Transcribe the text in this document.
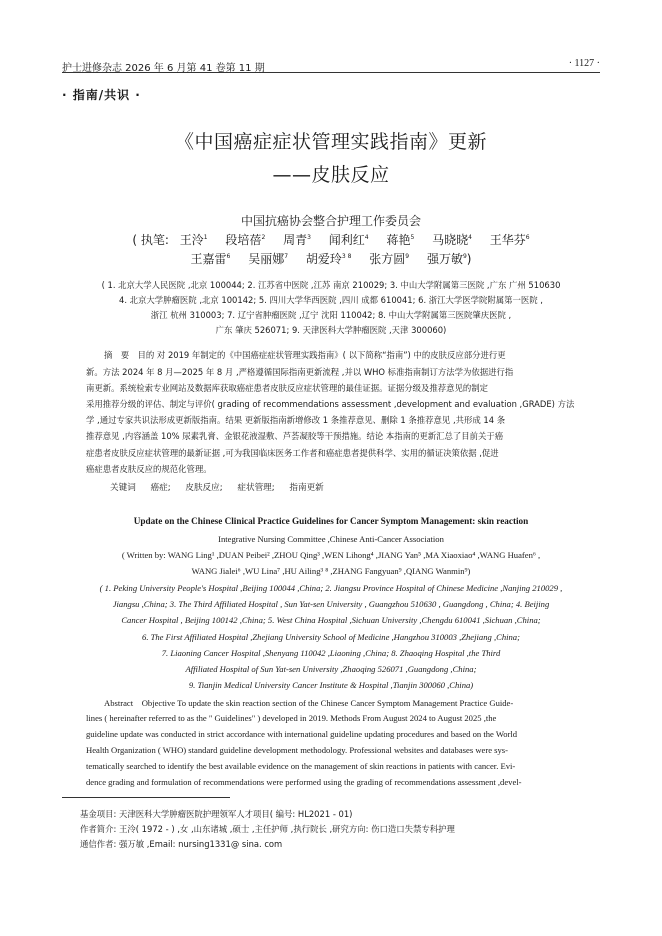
护士进修杂志 2026 年 6 月第 41 卷第 11 期	· 1127 ·
· 指南/共识 ·
《中国癌症症状管理实践指南》更新
——皮肤反应
中国抗癌协会整合护理工作委员会
( 执笔: 王泠$^1$ 段培蓓$^2$ 周青$^3$ 闻利红$^4$ 蒋艳$^5$ 马晓晓$^4$ 王华芬$^6$
王嘉雷$^6$ 吴丽娜$^7$ 胡爱玲$^{3 8}$ 张方圆$^9$ 强万敏$^9$)
( 1. 北京大学人民医院 ,北京 100044; 2. 江苏省中医院 ,江苏 南京 210029; 3. 中山大学附属第三医院 ,广东 广州 510630
4. 北京大学肿瘤医院 ,北京 100142; 5. 四川大学华西医院 ,四川 成都 610041; 6. 浙江大学医学院附属第一医院 ,
浙江 杭州 310003; 7. 辽宁省肿瘤医院 ,辽宁 沈阳 110042; 8. 中山大学附属第三医院肇庆医院 ,
广东 肇庆 526071; 9. 天津医科大学肿瘤医院 ,天津 300060)
摘　要　目的 对 2019 年制定的《中国癌症症状管理实践指南》( 以下简称“指南”) 中的皮肤反应部分进行更
新。方法 2024 年 8 月—2025 年 8 月 ,严格遵循国际指南更新流程 ,并以 WHO 标准指南制订方法学为依据进行指
南更新。系统检索专业网站及数据库获取癌症患者皮肤反应症状管理的最佳证据。证据分级及推荐意见的制定
采用推荐分级的评估、制定与评价( grading of recommendations assessment ,development and evaluation ,GRADE) 方法
学 ,通过专家共识法形成更新版指南。结果 更新版指南新增修改 1 条推荐意见、删除 1 条推荐意见 ,共形成 14 条
推荐意见 ,内容涵盖 10% 尿素乳膏、金银花液湿敷、芦荟凝胶等干预措施。结论 本指南的更新汇总了目前关于癌
症患者皮肤反应症状管理的最新证据 ,可为我国临床医务工作者和癌症患者提供科学、实用的循证决策依据 ,促进
癌症患者皮肤反应的规范化管理。
关键词 癌症; 皮肤反应; 症状管理; 指南更新
Update on the Chinese Clinical Practice Guidelines for Cancer Symptom Management: skin reaction
Integrative Nursing Committee ,Chinese Anti-Cancer Association
( Written by: WANG Ling¹ ,DUAN Peibei² ,ZHOU Qing³ ,WEN Lihong⁴ ,JIANG Yan⁵ ,MA Xiaoxiao⁴ ,WANG Huafen⁶ ,
WANG Jialei⁶ ,WU Lina⁷ ,HU Ailing³ ⁸ ,ZHANG Fangyuan⁹ ,QIANG Wanmin⁹)
( 1. Peking University People's Hospital ,Beijing 100044 ,China; 2. Jiangsu Province Hospital of Chinese Medicine ,Nanjing 210029 ,
Jiangsu ,China; 3. The Third Affiliated Hospital , Sun Yat-sen University , Guangzhou 510630 , Guangdong , China; 4. Beijing
Cancer Hospital , Beijing 100142 ,China; 5. West China Hospital ,Sichuan University ,Chengdu 610041 ,Sichuan ,China;
6. The First Affiliated Hospital ,Zhejiang University School of Medicine ,Hangzhou 310003 ,Zhejiang ,China;
7. Liaoning Cancer Hospital ,Shenyang 110042 ,Liaoning ,China; 8. Zhaoqing Hospital ,the Third
Affiliated Hospital of Sun Yat-sen University ,Zhaoqing 526071 ,Guangdong ,China;
9. Tianjin Medical University Cancer Institute & Hospital ,Tianjin 300060 ,China)
Abstract　Objective To update the skin reaction section of the Chinese Cancer Symptom Management Practice Guide-
lines ( hereinafter referred to as the " Guidelines" ) developed in 2019. Methods From August 2024 to August 2025 ,the
guideline update was conducted in strict accordance with international guideline updating procedures and based on the World
Health Organization ( WHO) standard guideline development methodology. Professional websites and databases were sys-
tematically searched to identify the best available evidence on the management of skin reactions in patients with cancer. Evi-
dence grading and formulation of recommendations were performed using the grading of recommendations assessment ,devel-
基金项目: 天津医科大学肿瘤医院护理领军人才项目( 编号: HL2021 - 01)
作者简介: 王泠( 1972 - ) ,女 ,山东诸城 ,硕士 ,主任护师 ,执行院长 ,研究方向: 伤口造口失禁专科护理
通信作者: 强万敏 ,Email: nursing1331@ sina. com
